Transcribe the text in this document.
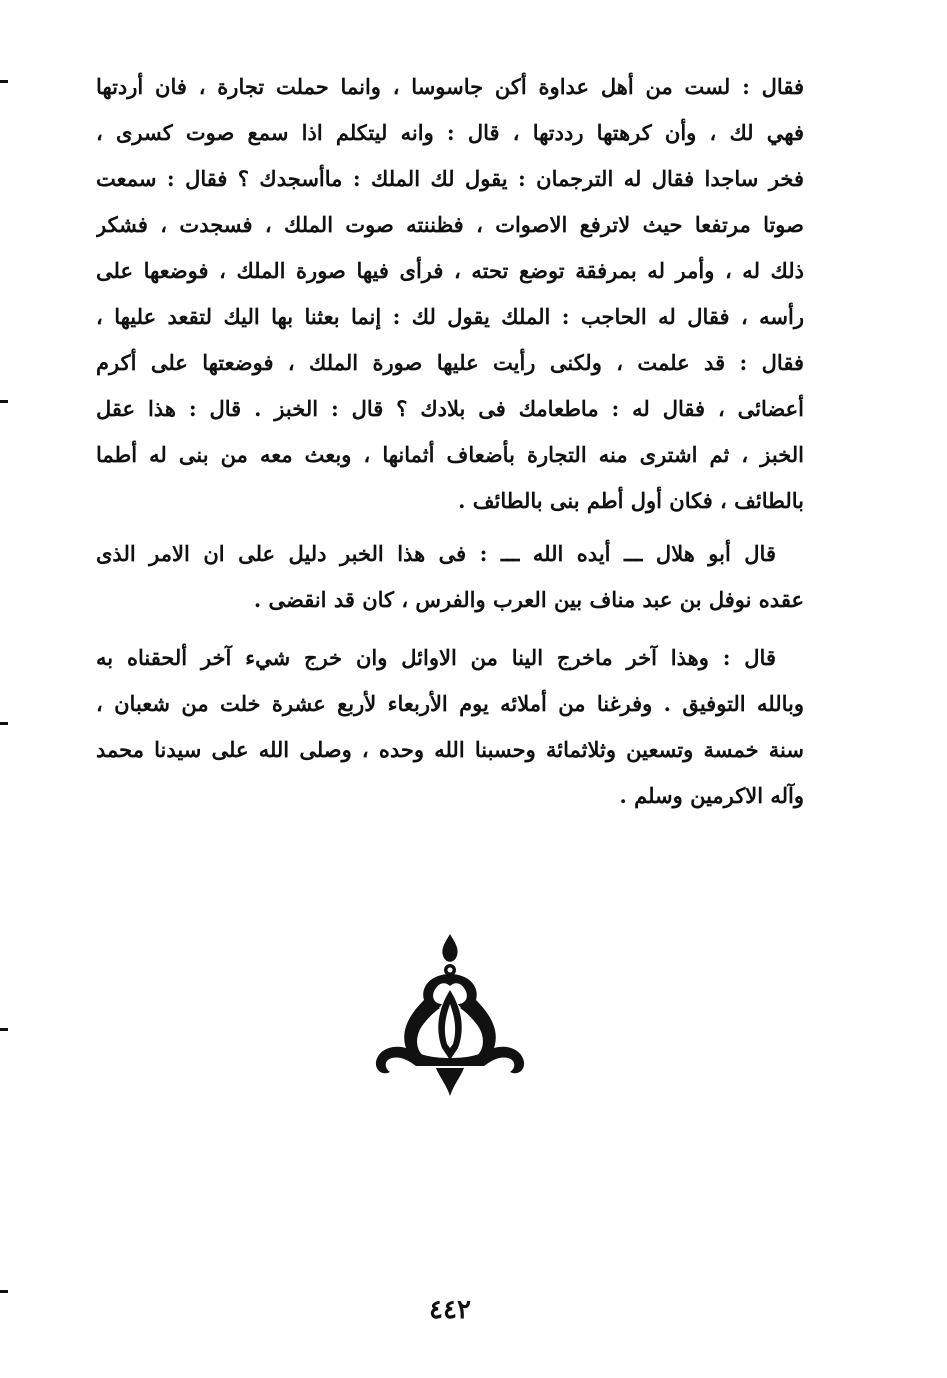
فقال : لست من أهل عداوة أكن جاسوسا ، وانما حملت تجارة ، فان أردتها
فهي لك ، وأن كرهتها رددتها ، قال : وانه ليتكلم اذا سمع صوت كسرى ،
فخر ساجدا فقال له الترجمان : يقول لك الملك : ماأسجدك ؟ فقال : سمعت
صوتا مرتفعا حيث لاترفع الاصوات ، فظننته صوت الملك ، فسجدت ، فشكر
ذلك له ، وأمر له بمرفقة توضع تحته ، فرأى فيها صورة الملك ، فوضعها على
رأسه ، فقال له الحاجب : الملك يقول لك : إنما بعثنا بها اليك لتقعد عليها ،
فقال : قد علمت ، ولكنى رأيت عليها صورة الملك ، فوضعتها على أكرم
أعضائى ، فقال له : ماطعامك فى بلادك ؟ قال : الخبز . قال : هذا عقل
الخبز ، ثم اشترى منه التجارة بأضعاف أثمانها ، وبعث معه من بنى له أطما
بالطائف ، فكان أول أطم بنى بالطائف .
قال أبو هلال ـــ أيده الله ـــ : فى هذا الخبر دليل على ان الامر الذى
عقده نوفل بن عبد مناف بين العرب والفرس ، كان قد انقضى .
قال : وهذا آخر ماخرج الينا من الاوائل وان خرج شيء آخر ألحقناه به
وبالله التوفيق . وفرغنا من أملائه يوم الأربعاء لأربع عشرة خلت من شعبان ،
سنة خمسة وتسعين وثلاثمائة وحسبنا الله وحده ، وصلى الله على سيدنا محمد
وآله الاكرمين وسلم .
٤٤٢
